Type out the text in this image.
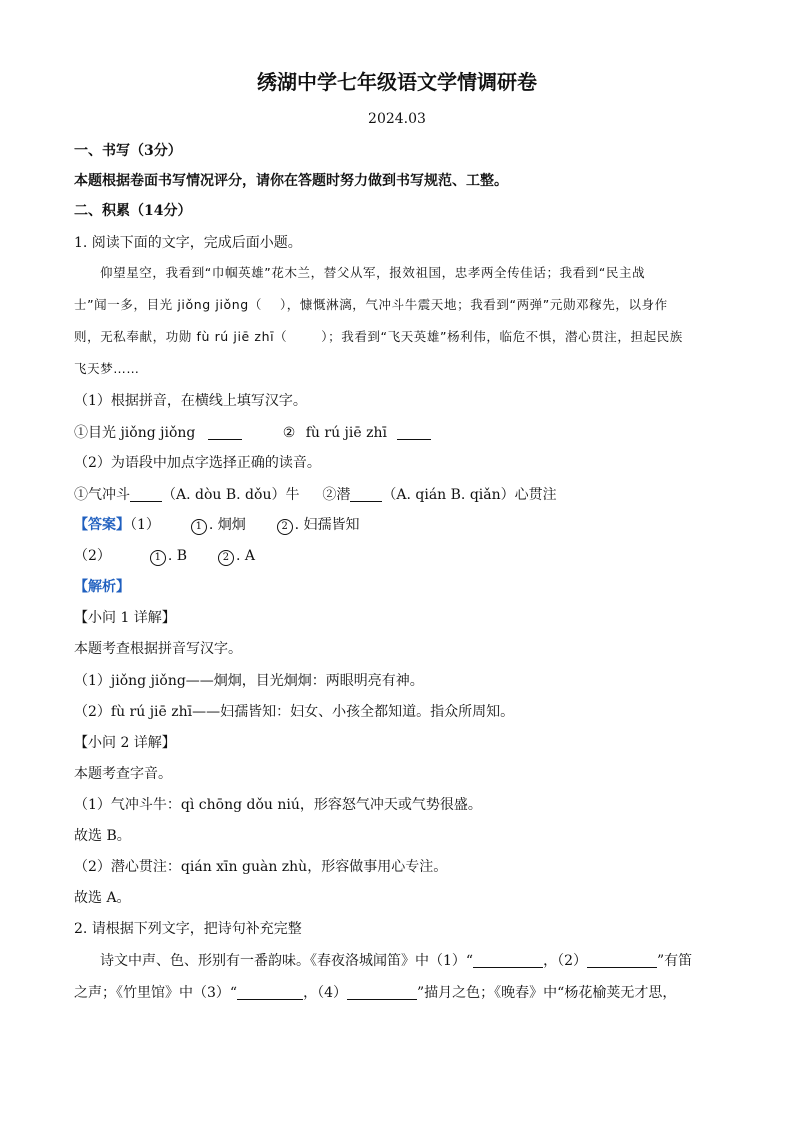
绣湖中学七年级语文学情调研卷
2024.03
一、书写（3分）
本题根据卷面书写情况评分，请你在答题时努力做到书写规范、工整。
二、积累（14分）
1. 阅读下面的文字，完成后面小题。
仰望星空，我看到“巾帼英雄”花木兰，替父从军，报效祖国，忠孝两全传佳话；我看到“民主战
士”闻一多，目光 jiǒng jiǒng（ ），慷慨淋漓，气冲斗牛震天地；我看到“两弹”元勋邓稼先，以身作
则，无私奉献，功勋 fù rú jiē zhī（	）；我看到“飞天英雄”杨利伟，临危不惧，潜心贯注，担起民族
飞天梦……
（1）根据拼音，在横线上填写汉字。
①目光 jiǒng jiǒng	② fù rú jiē zhī
（2）为语段中加点字选择正确的读音。
①气冲斗 （A. dòu B. dǒu）牛 ②潜 （A. qián B. qiǎn）心贯注
【答案】（1）	1 . 炯炯	2 . 妇孺皆知
（2）	1 . B	2 . A
【解析】
【小问 1 详解】
本题考查根据拼音写汉字。
（1）jiǒng jiǒng——炯炯，目光炯炯：两眼明亮有神。
（2）fù rú jiē zhī——妇孺皆知：妇女、小孩全都知道。指众所周知。
【小问 2 详解】
本题考查字音。
（1）气冲斗牛：qì chōng dǒu niú，形容怒气冲天或气势很盛。
故选 B。
（2）潜心贯注：qián xīn guàn zhù，形容做事用心专注。
故选 A。
2. 请根据下列文字，把诗句补充完整
诗文中声、色、形别有一番韵味。《春夜洛城闻笛》中（1）“	，（2）	”有笛
之声；《竹里馆》中（3）“	，（4）	”描月之色；《晚春》中“杨花榆荚无才思，
